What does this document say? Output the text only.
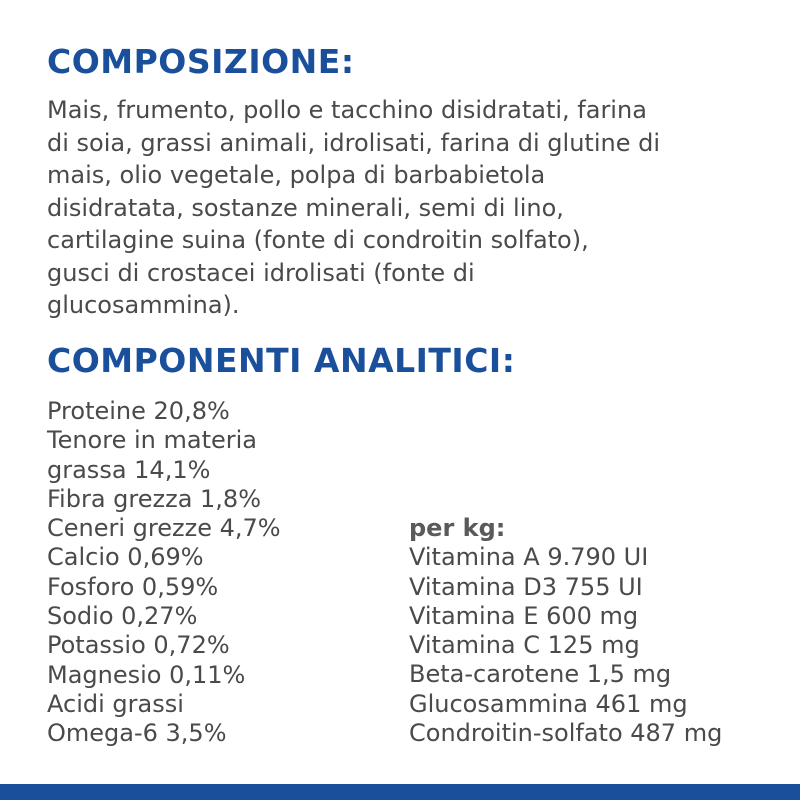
COMPOSIZIONE:

Mais, frumento, pollo e tacchino disidratati, farina
di soia, grassi animali, idrolisati, farina di glutine di
mais, olio vegetale, polpa di barbabietola
disidratata, sostanze minerali, semi di lino,
cartilagine suina (fonte di condroitin solfato),
gusci di crostacei idrolisati (fonte di
glucosammina).

COMPONENTI ANALITICI:
Proteine 20,8%
Tenore in materia
grassa 14,1%
Fibra grezza 1,8%
Ceneri grezze 4,7%
Calcio 0,69%
Fosforo 0,59%
Sodio 0,27%
Potassio 0,72%
Magnesio 0,11%
Acidi grassi
Omega-6 3,5%
per kg:
Vitamina A 9.790 UI
Vitamina D3 755 UI
Vitamina E 600 mg
Vitamina C 125 mg
Beta-carotene 1,5 mg
Glucosammina 461 mg
Condroitin-solfato 487 mg
